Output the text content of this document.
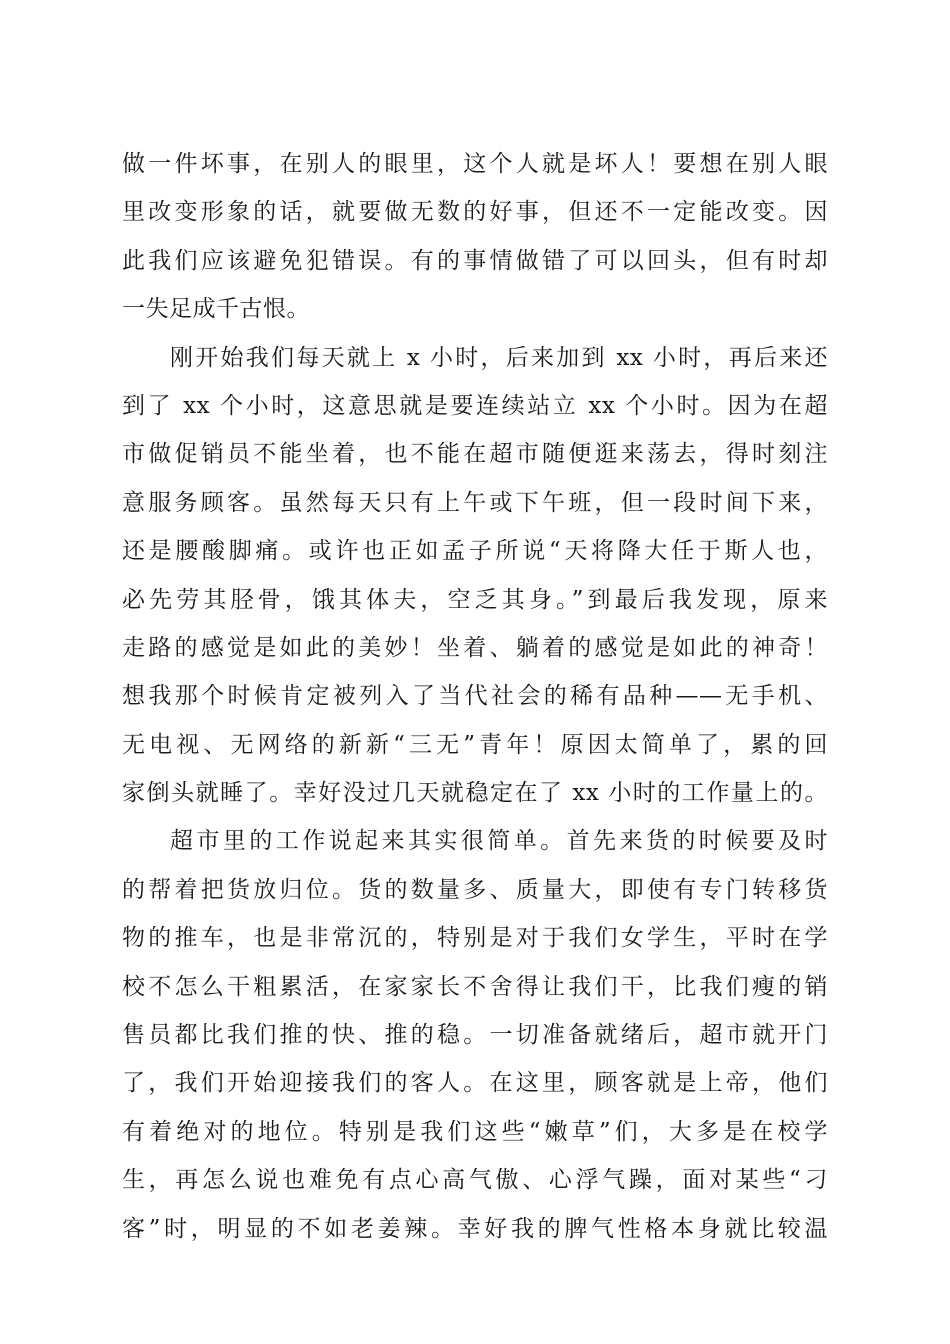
做一件坏事，在别人的眼里，这个人就是坏人！要想在别人眼
里改变形象的话，就要做无数的好事，但还不一定能改变。因
此我们应该避免犯错误。有的事情做错了可以回头，但有时却
一失足成千古恨。
刚开始我们每天就上 x 小时，后来加到 xx 小时，再后来还
到了 xx 个小时，这意思就是要连续站立 xx 个小时。因为在超
市做促销员不能坐着，也不能在超市随便逛来荡去，得时刻注
意服务顾客。虽然每天只有上午或下午班，但一段时间下来，
还是腰酸脚痛。或许也正如孟子所说“天将降大任于斯人也，
必先劳其胫骨，饿其体夫，空乏其身。”到最后我发现，原来
走路的感觉是如此的美妙！坐着、躺着的感觉是如此的神奇！
想我那个时候肯定被列入了当代社会的稀有品种——无手机、
无电视、无网络的新新“三无”青年！原因太简单了，累的回
家倒头就睡了。幸好没过几天就稳定在了 xx 小时的工作量上的。
超市里的工作说起来其实很简单。首先来货的时候要及时
的帮着把货放归位。货的数量多、质量大，即使有专门转移货
物的推车，也是非常沉的，特别是对于我们女学生，平时在学
校不怎么干粗累活，在家家长不舍得让我们干，比我们瘦的销
售员都比我们推的快、推的稳。一切准备就绪后，超市就开门
了，我们开始迎接我们的客人。在这里，顾客就是上帝，他们
有着绝对的地位。特别是我们这些“嫩草”们，大多是在校学
生，再怎么说也难免有点心高气傲、心浮气躁，面对某些“刁
客”时，明显的不如老姜辣。幸好我的脾气性格本身就比较温
